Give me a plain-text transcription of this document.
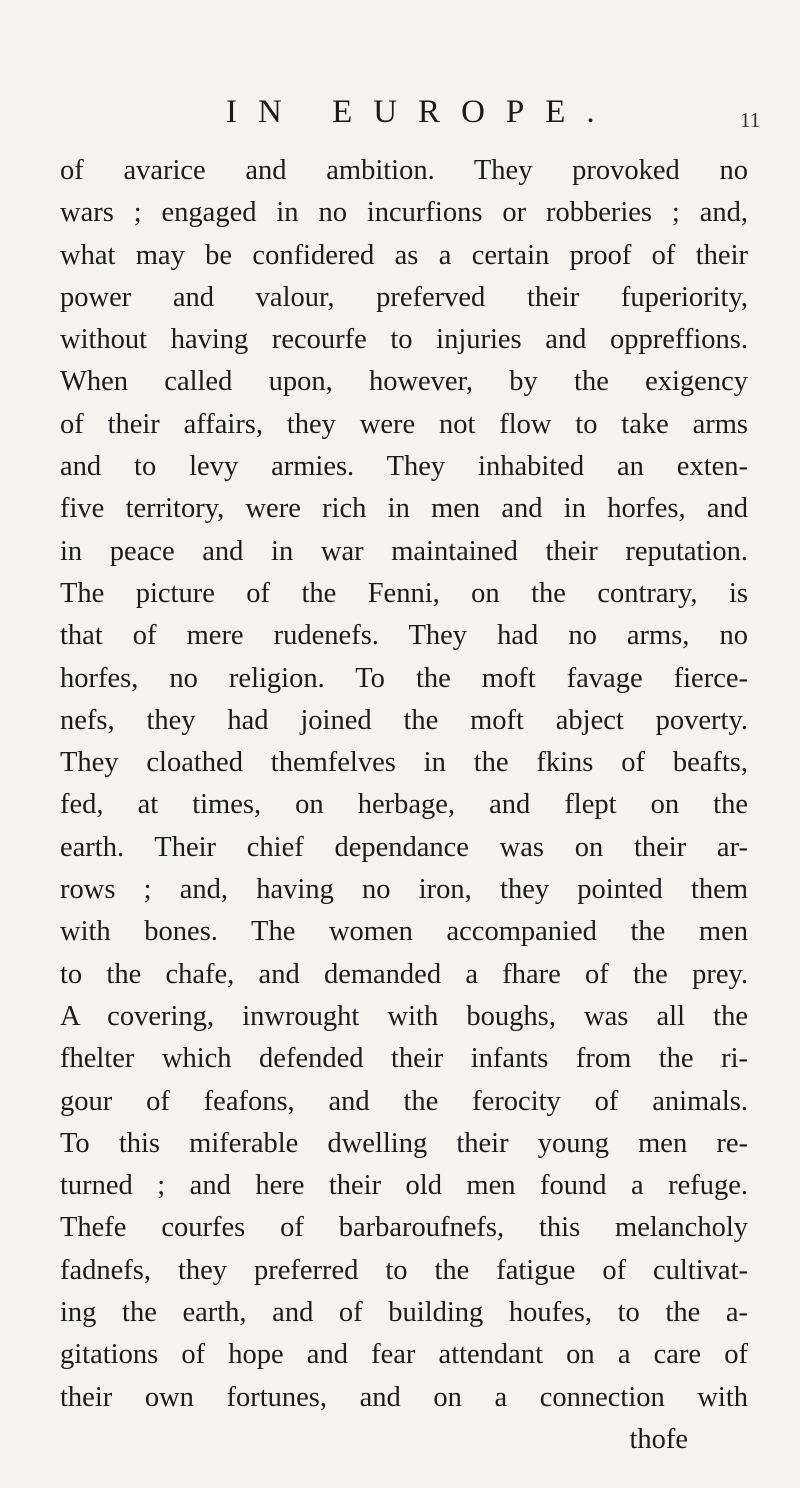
IN EUROPE.	11
of avarice and ambition. They provoked no
wars ; engaged in no incurfions or robberies ; and,
what may be confidered as a certain proof of their
power and valour, preferved their fuperiority,
without having recourfe to injuries and oppreffions.
When called upon, however, by the exigency
of their affairs, they were not flow to take arms
and to levy armies. They inhabited an exten-
five territory, were rich in men and in horfes, and
in peace and in war maintained their reputation.
The picture of the Fenni, on the contrary, is
that of mere rudenefs. They had no arms, no
horfes, no religion. To the moft favage fierce-
nefs, they had joined the moft abject poverty.
They cloathed themfelves in the fkins of beafts,
fed, at times, on herbage, and flept on the
earth. Their chief dependance was on their ar-
rows ; and, having no iron, they pointed them
with bones. The women accompanied the men
to the chafe, and demanded a fhare of the prey.
A covering, inwrought with boughs, was all the
fhelter which defended their infants from the ri-
gour of feafons, and the ferocity of animals.
To this miferable dwelling their young men re-
turned ; and here their old men found a refuge.
Thefe courfes of barbaroufnefs, this melancholy
fadnefs, they preferred to the fatigue of cultivat-
ing the earth, and of building houfes, to the a-
gitations of hope and fear attendant on a care of
their own fortunes, and on a connection with
thofe
